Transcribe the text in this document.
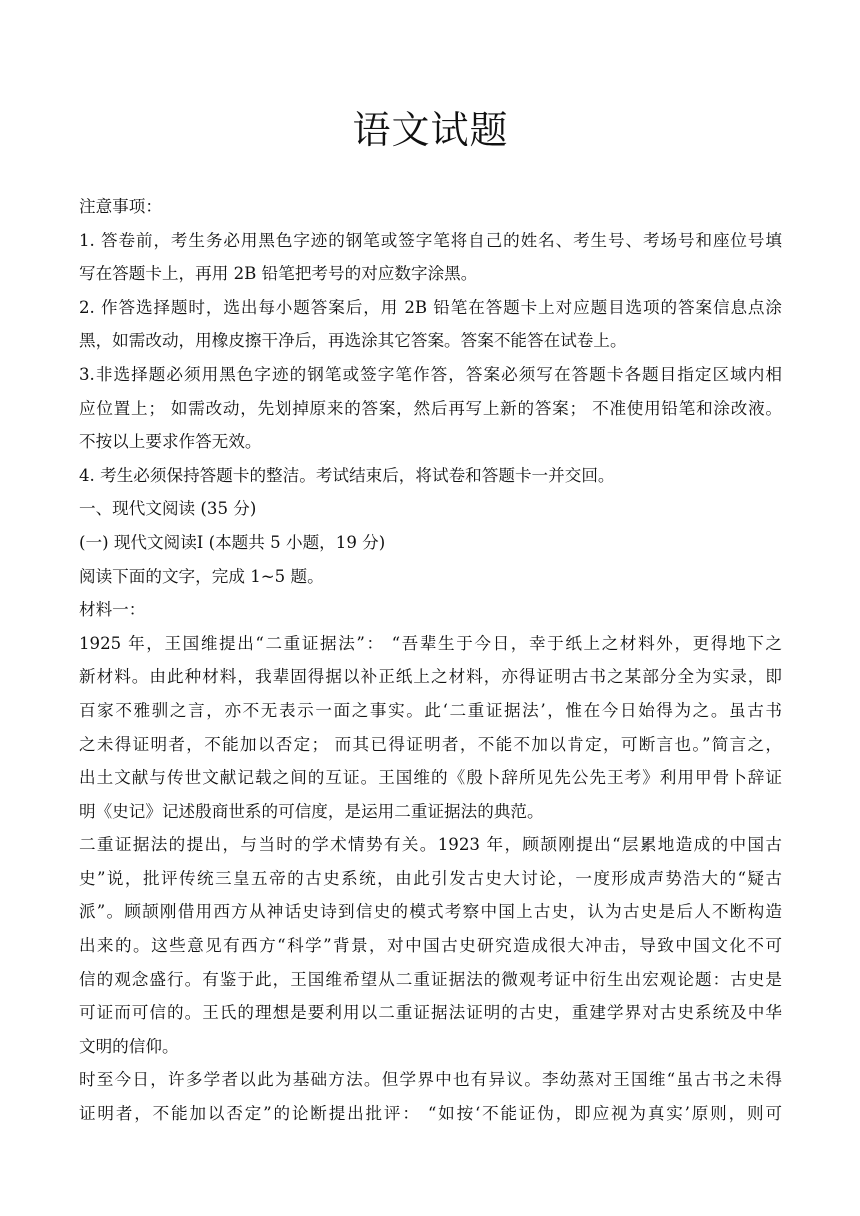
语文试题
注意事项：
1. 答卷前，考生务必用黑色字迹的钢笔或签字笔将自己的姓名、考生号、考场号和座位号填
写在答题卡上，再用 2B 铅笔把考号的对应数字涂黑。
2. 作答选择题时，选出每小题答案后，用 2B 铅笔在答题卡上对应题目选项的答案信息点涂
黑，如需改动，用橡皮擦干净后，再选涂其它答案。答案不能答在试卷上。
3.非选择题必须用黑色字迹的钢笔或签字笔作答，答案必须写在答题卡各题目指定区域内相
应位置上； 如需改动，先划掉原来的答案，然后再写上新的答案； 不准使用铅笔和涂改液。
不按以上要求作答无效。
4. 考生必须保持答题卡的整洁。考试结束后，将试卷和答题卡一并交回。
一、现代文阅读 (35 分)
(一) 现代文阅读Ⅰ (本题共 5 小题，19 分)
阅读下面的文字，完成 1~5 题。
材料一：
1925 年，王国维提出“二重证据法”： “吾辈生于今日，幸于纸上之材料外，更得地下之
新材料。由此种材料，我辈固得据以补正纸上之材料，亦得证明古书之某部分全为实录，即
百家不雅驯之言，亦不无表示一面之事实。此‘二重证据法’，惟在今日始得为之。虽古书
之未得证明者，不能加以否定； 而其已得证明者，不能不加以肯定，可断言也。”简言之，
出土文献与传世文献记载之间的互证。王国维的《殷卜辞所见先公先王考》利用甲骨卜辞证
明《史记》记述殷商世系的可信度，是运用二重证据法的典范。
二重证据法的提出，与当时的学术情势有关。1923 年，顾颉刚提出“层累地造成的中国古
史”说，批评传统三皇五帝的古史系统，由此引发古史大讨论，一度形成声势浩大的“疑古
派”。顾颉刚借用西方从神话史诗到信史的模式考察中国上古史，认为古史是后人不断构造
出来的。这些意见有西方“科学”背景，对中国古史研究造成很大冲击，导致中国文化不可
信的观念盛行。有鉴于此，王国维希望从二重证据法的微观考证中衍生出宏观论题：古史是
可证而可信的。王氏的理想是要利用以二重证据法证明的古史，重建学界对古史系统及中华
文明的信仰。
时至今日，许多学者以此为基础方法。但学界中也有异议。李幼蒸对王国维“虽古书之未得
证明者，不能加以否定”的论断提出批评： “如按‘不能证伪，即应视为真实’原则，则可
